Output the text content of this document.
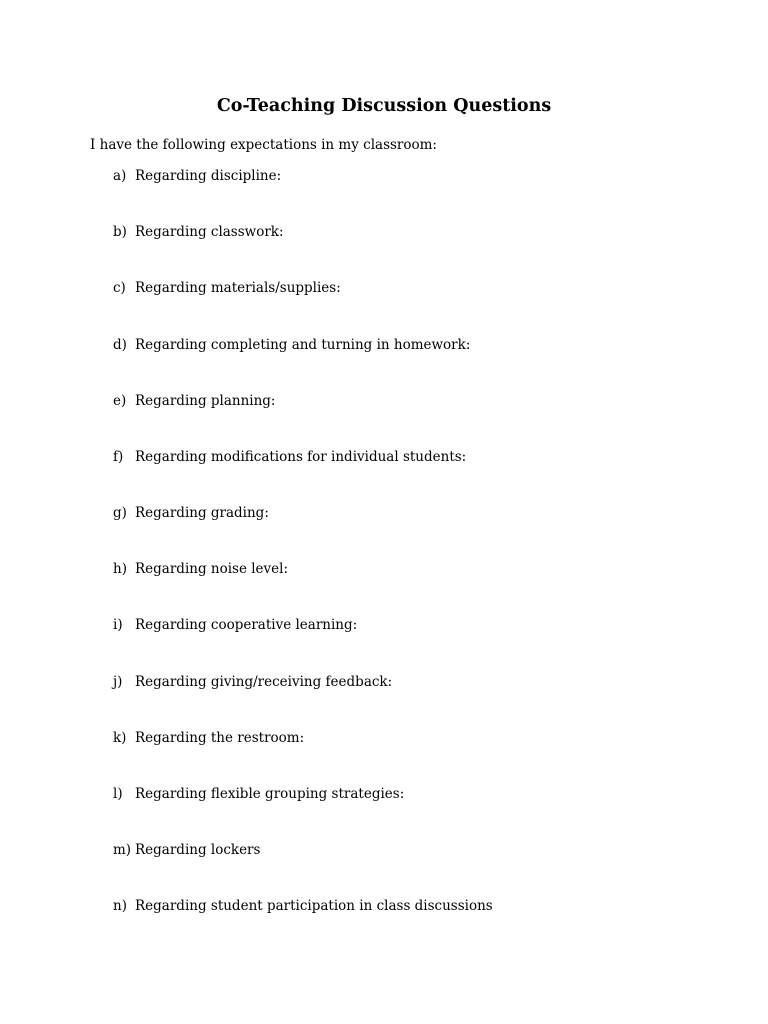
Co-Teaching Discussion Questions
I have the following expectations in my classroom:
a) Regarding discipline:
b) Regarding classwork:
c) Regarding materials/supplies:
d) Regarding completing and turning in homework:
e) Regarding planning:
f) Regarding modifications for individual students:
g) Regarding grading:
h) Regarding noise level:
i) Regarding cooperative learning:
j) Regarding giving/receiving feedback:
k) Regarding the restroom:
l) Regarding flexible grouping strategies:
m) Regarding lockers
n) Regarding student participation in class discussions
